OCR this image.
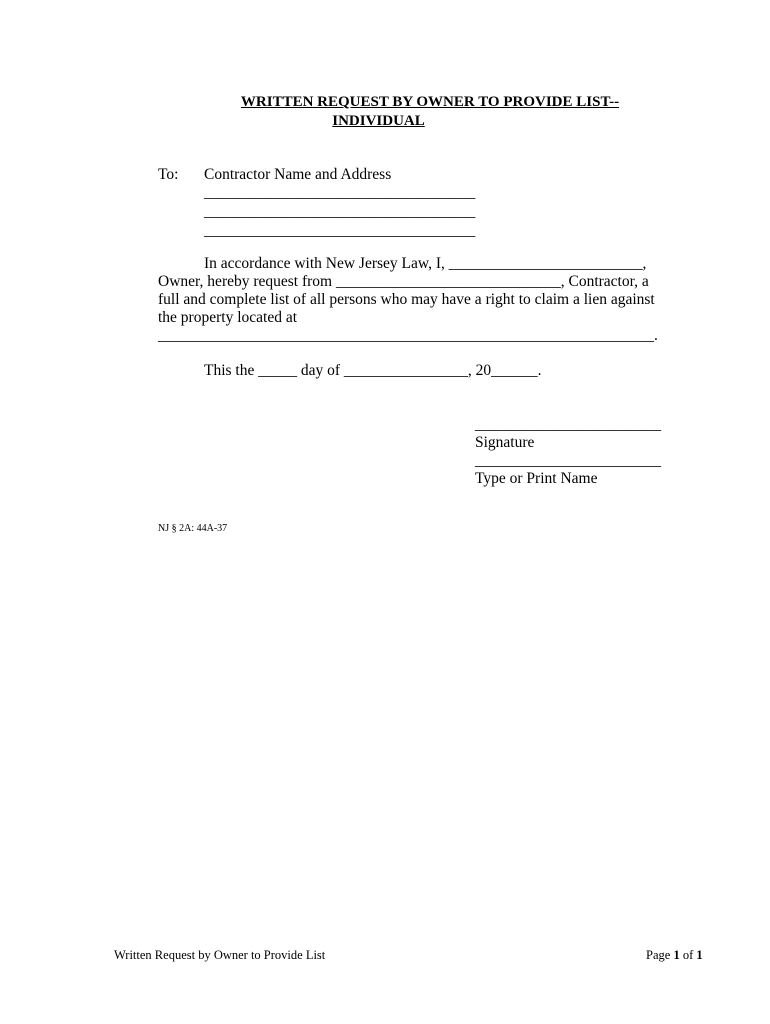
WRITTEN REQUEST BY OWNER TO PROVIDE LIST--
INDIVIDUAL
To: Contractor Name and Address
___________________________________
___________________________________
___________________________________
In accordance with New Jersey Law, I, _________________________,
Owner, hereby request from _____________________________, Contractor, a
full and complete list of all persons who may have a right to claim a lien against
the property located at
________________________________________________________________.
This the _____ day of ________________, 20______.
________________________
Signature
________________________
Type or Print Name
NJ § 2A: 44A-37
Written Request by Owner to Provide List	Page 1 of 1
